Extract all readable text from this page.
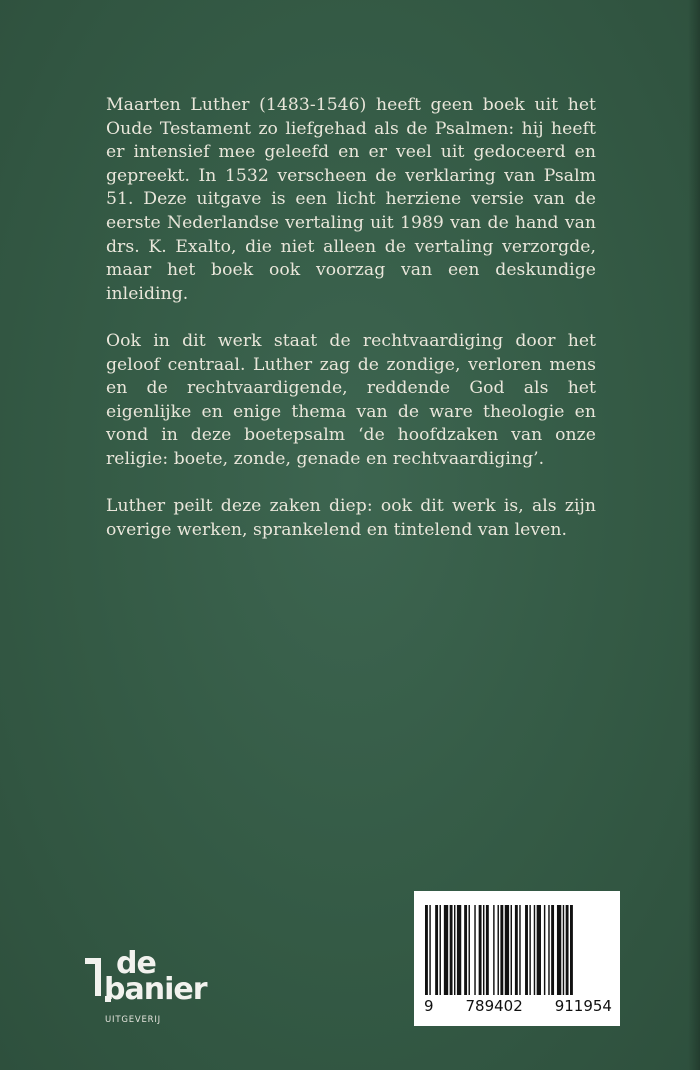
Maarten Luther (1483-1546) heeft geen boek uit het Oude Testament zo liefgehad als de Psalmen: hij heeft er intensief mee geleefd en er veel uit gedoceerd en gepreekt. In 1532 verscheen de verklaring van Psalm 51. Deze uitgave is een licht herziene versie van de eerste Nederlandse vertaling uit 1989 van de hand van drs. K. Exalto, die niet alleen de vertaling verzorgde, maar het boek ook voorzag van een deskundige inleiding.

Ook in dit werk staat de rechtvaardiging door het geloof centraal. Luther zag de zondige, verloren mens en de rechtvaardigende, reddende God als het eigenlijke en enige thema van de ware theologie en vond in deze boetepsalm ‘de hoofdzaken van onze religie: boete, zonde, genade en rechtvaardiging’.

Luther peilt deze zaken diep: ook dit werk is, als zijn overige werken, sprankelend en tintelend van leven.

de
banier
UITGEVERIJ
9 789402 911954
